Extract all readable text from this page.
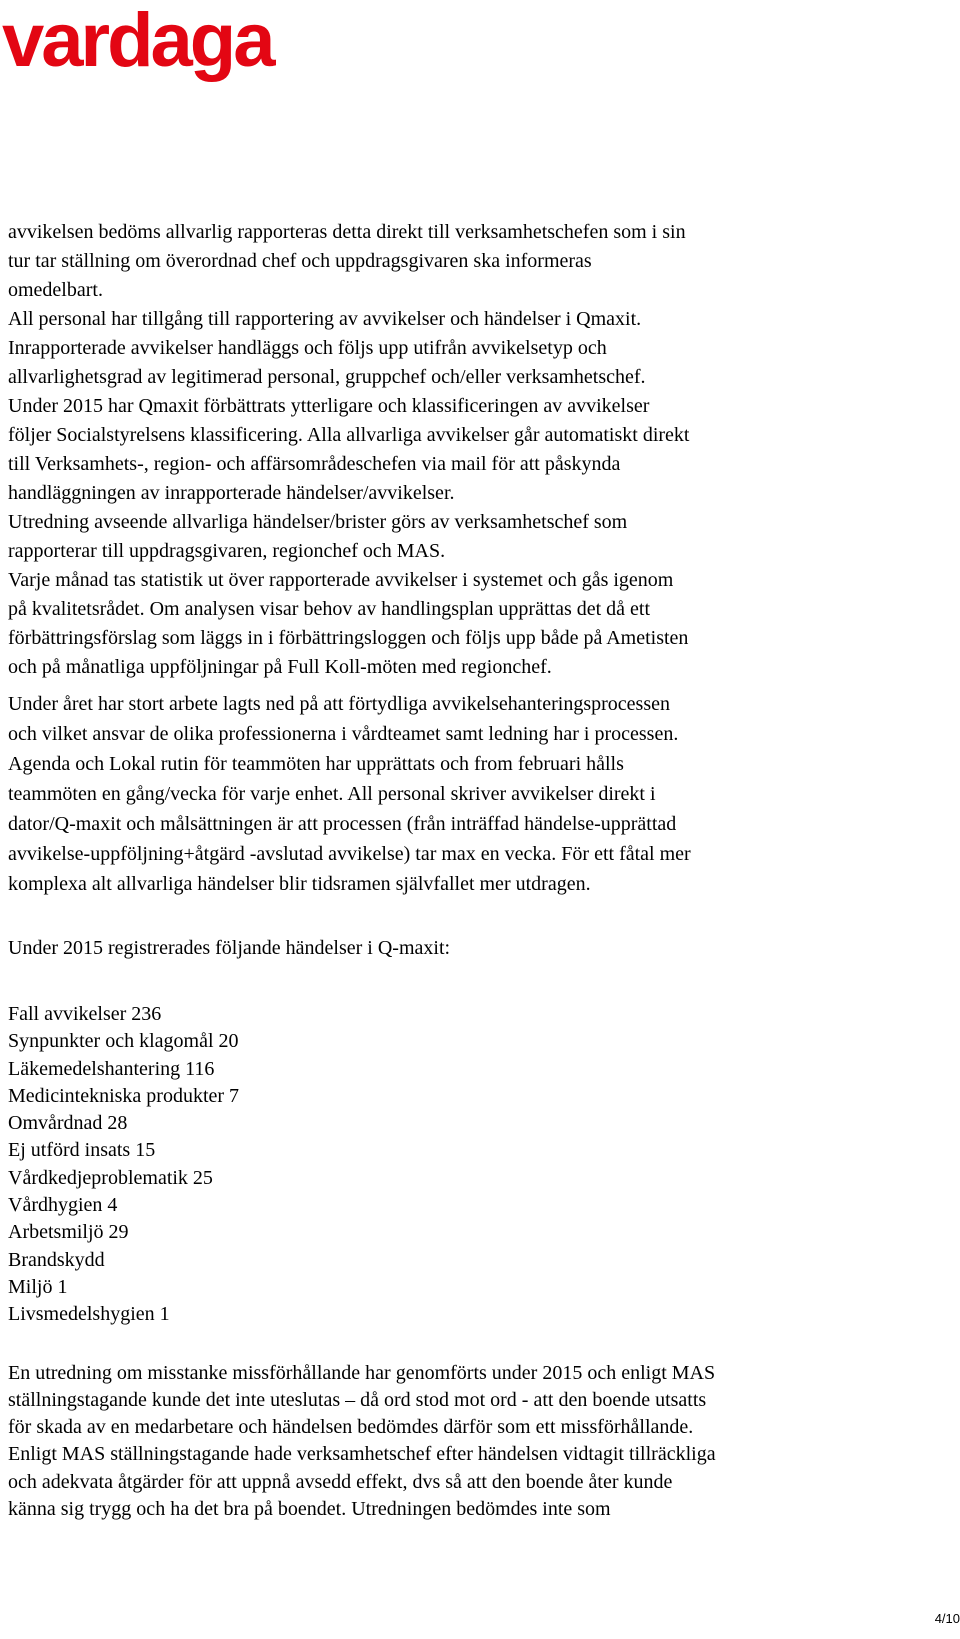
vardaga
avvikelsen bedöms allvarlig rapporteras detta direkt till verksamhetschefen som i sin
tur tar ställning om överordnad chef och uppdragsgivaren ska informeras
omedelbart.
All personal har tillgång till rapportering av avvikelser och händelser i Qmaxit.
Inrapporterade avvikelser handläggs och följs upp utifrån avvikelsetyp och
allvarlighetsgrad av legitimerad personal, gruppchef och/eller verksamhetschef.
Under 2015 har Qmaxit förbättrats ytterligare och klassificeringen av avvikelser
följer Socialstyrelsens klassificering. Alla allvarliga avvikelser går automatiskt direkt
till Verksamhets-, region- och affärsområdeschefen via mail för att påskynda
handläggningen av inrapporterade händelser/avvikelser.
Utredning avseende allvarliga händelser/brister görs av verksamhetschef som
rapporterar till uppdragsgivaren, regionchef och MAS.
Varje månad tas statistik ut över rapporterade avvikelser i systemet och gås igenom
på kvalitetsrådet. Om analysen visar behov av handlingsplan upprättas det då ett
förbättringsförslag som läggs in i förbättringsloggen och följs upp både på Ametisten
och på månatliga uppföljningar på Full Koll-möten med regionchef.
Under året har stort arbete lagts ned på att förtydliga avvikelsehanteringsprocessen
och vilket ansvar de olika professionerna i vårdteamet samt ledning har i processen.
Agenda och Lokal rutin för teammöten har upprättats och from februari hålls
teammöten en gång/vecka för varje enhet. All personal skriver avvikelser direkt i
dator/Q-maxit och målsättningen är att processen (från inträffad händelse-upprättad
avvikelse-uppföljning+åtgärd -avslutad avvikelse) tar max en vecka. För ett fåtal mer
komplexa alt allvarliga händelser blir tidsramen självfallet mer utdragen.
Under 2015 registrerades följande händelser i Q-maxit:
Fall avvikelser 236
Synpunkter och klagomål 20
Läkemedelshantering 116
Medicintekniska produkter 7
Omvårdnad 28
Ej utförd insats 15
Vårdkedjeproblematik 25
Vårdhygien 4
Arbetsmiljö 29
Brandskydd
Miljö 1
Livsmedelshygien 1
En utredning om misstanke missförhållande har genomförts under 2015 och enligt MAS
ställningstagande kunde det inte uteslutas – då ord stod mot ord - att den boende utsatts
för skada av en medarbetare och händelsen bedömdes därför som ett missförhållande.
Enligt MAS ställningstagande hade verksamhetschef efter händelsen vidtagit tillräckliga
och adekvata åtgärder för att uppnå avsedd effekt, dvs så att den boende åter kunde
känna sig trygg och ha det bra på boendet. Utredningen bedömdes inte som
4/10
